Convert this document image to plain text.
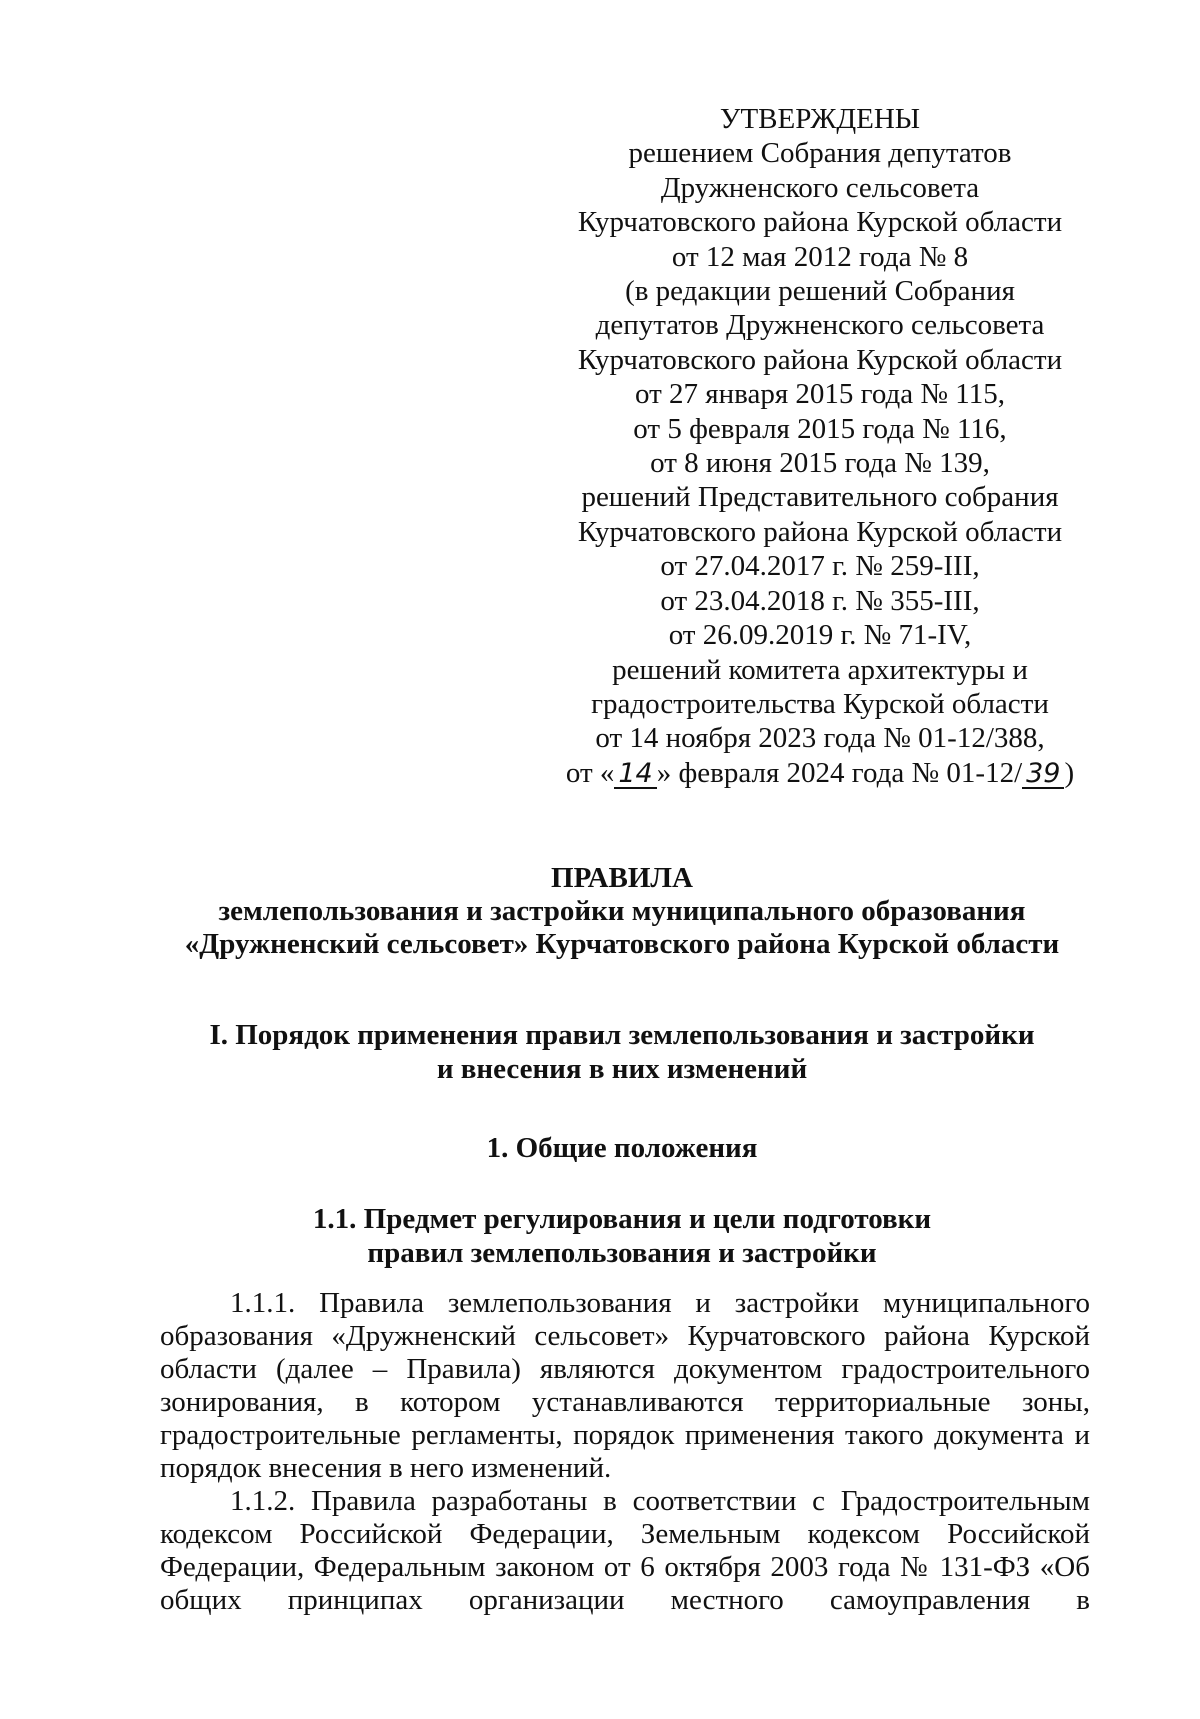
УТВЕРЖДЕНЫ
решением Собрания депутатов
Дружненского сельсовета
Курчатовского района Курской области
от 12 мая 2012 года № 8
(в редакции решений Собрания
депутатов Дружненского сельсовета
Курчатовского района Курской области
от 27 января 2015 года № 115,
от 5 февраля 2015 года № 116,
от 8 июня 2015 года № 139,
решений Представительного собрания
Курчатовского района Курской области
от 27.04.2017 г. № 259-III,
от 23.04.2018 г. № 355-III,
от 26.09.2019 г. № 71-IV,
решений комитета архитектуры и
градостроительства Курской области
от 14 ноября 2023 года № 01-12/388,
от « 14 » февраля 2024 года № 01-12/ 39 )
ПРАВИЛА
землепользования и застройки муниципального образования
«Дружненский сельсовет» Курчатовского района Курской области
I. Порядок применения правил землепользования и застройки
и внесения в них изменений
1. Общие положения
1.1. Предмет регулирования и цели подготовки
правил землепользования и застройки

1.1.1. Правила землепользования и застройки муниципального образования «Дружненский сельсовет» Курчатовского района Курской области (далее – Правила) являются документом градостроительного зонирования, в котором устанавливаются территориальные зоны, градостроительные регламенты, порядок применения такого документа и порядок внесения в него изменений.

1.1.2. Правила разработаны в соответствии с Градостроительным кодексом Российской Федерации, Земельным кодексом Российской Федерации, Федеральным законом от 6 октября 2003 года № 131-ФЗ «Об общих принципах организации местного самоуправления в
